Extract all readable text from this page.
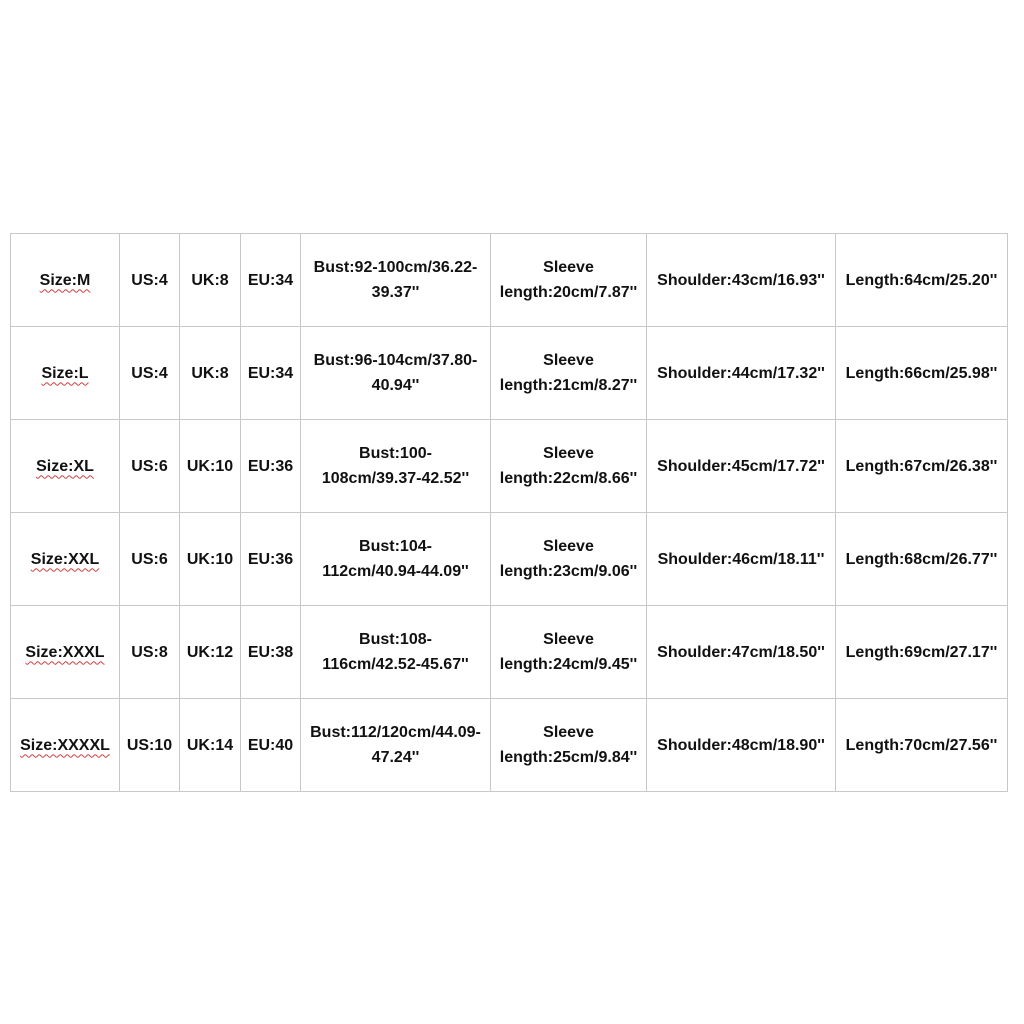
Size:M	US:4	UK:8	EU:34	Bust:92-100cm/36.22-
39.37''	Sleeve
length:20cm/7.87''	Shoulder:43cm/16.93''	Length:64cm/25.20''
Size:L	US:4	UK:8	EU:34	Bust:96-104cm/37.80-
40.94''	Sleeve
length:21cm/8.27''	Shoulder:44cm/17.32''	Length:66cm/25.98''
Size:XL	US:6	UK:10	EU:36	Bust:100-
108cm/39.37-42.52''	Sleeve
length:22cm/8.66''	Shoulder:45cm/17.72''	Length:67cm/26.38''
Size:XXL	US:6	UK:10	EU:36	Bust:104-
112cm/40.94-44.09''	Sleeve
length:23cm/9.06''	Shoulder:46cm/18.11''	Length:68cm/26.77''
Size:XXXL	US:8	UK:12	EU:38	Bust:108-
116cm/42.52-45.67''	Sleeve
length:24cm/9.45''	Shoulder:47cm/18.50''	Length:69cm/27.17''
Size:XXXXL	US:10	UK:14	EU:40	Bust:112/120cm/44.09-
47.24''	Sleeve
length:25cm/9.84''	Shoulder:48cm/18.90''	Length:70cm/27.56''
